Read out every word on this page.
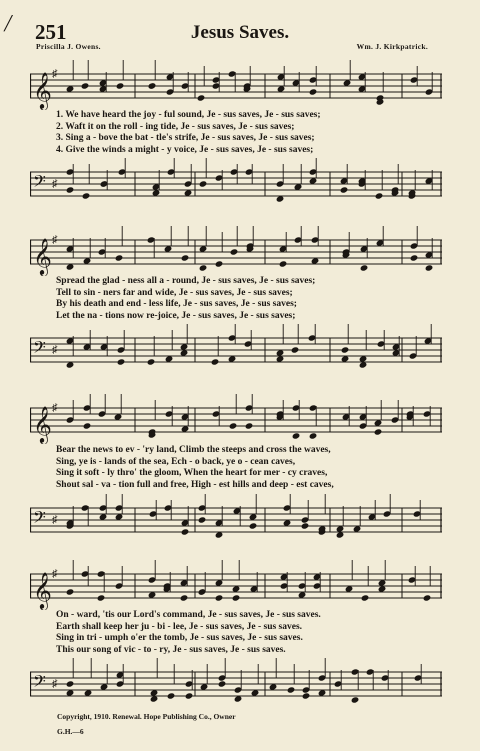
╱ 251	Jesus Saves.
Priscilla J. Owens.	Wm. J. Kirkpatrick.
𝄞 ♯
1. We have heard the joy - ful sound, Je - sus saves, Je - sus saves;
2. Waft it on the roll - ing tide, Je - sus saves, Je - sus saves;
3. Sing a - bove the bat - tle's strife, Je - sus saves, Je - sus saves;
4. Give the winds a might - y voice, Je - sus saves, Je - sus saves;
𝄢 ♯
𝄞 ♯
Spread the glad - ness all a - round, Je - sus saves, Je - sus saves;
Tell to sin - ners far and wide, Je - sus saves, Je - sus saves;
By his death and end - less life, Je - sus saves, Je - sus saves;
Let the na - tions now re-joice, Je - sus saves, Je - sus saves;
𝄢 ♯
𝄞 ♯
Bear the news to ev - 'ry land, Climb the steeps and cross the waves,
Sing, ye is - lands of the sea, Ech - o back, ye o - cean caves,
Sing it soft - ly thro' the gloom, When the heart for mer - cy craves,
Shout sal - va - tion full and free, High - est hills and deep - est caves,
𝄢 ♯
𝄞 ♯
On - ward, 'tis our Lord's command, Je - sus saves, Je - sus saves.
Earth shall keep her ju - bi - lee, Je - sus saves, Je - sus saves.
Sing in tri - umph o'er the tomb, Je - sus saves, Je - sus saves.
This our song of vic - to - ry, Je - sus saves, Je - sus saves.
𝄢 ♯
Copyright, 1910. Renewal. Hope Publishing Co., Owner
G.H.—6
